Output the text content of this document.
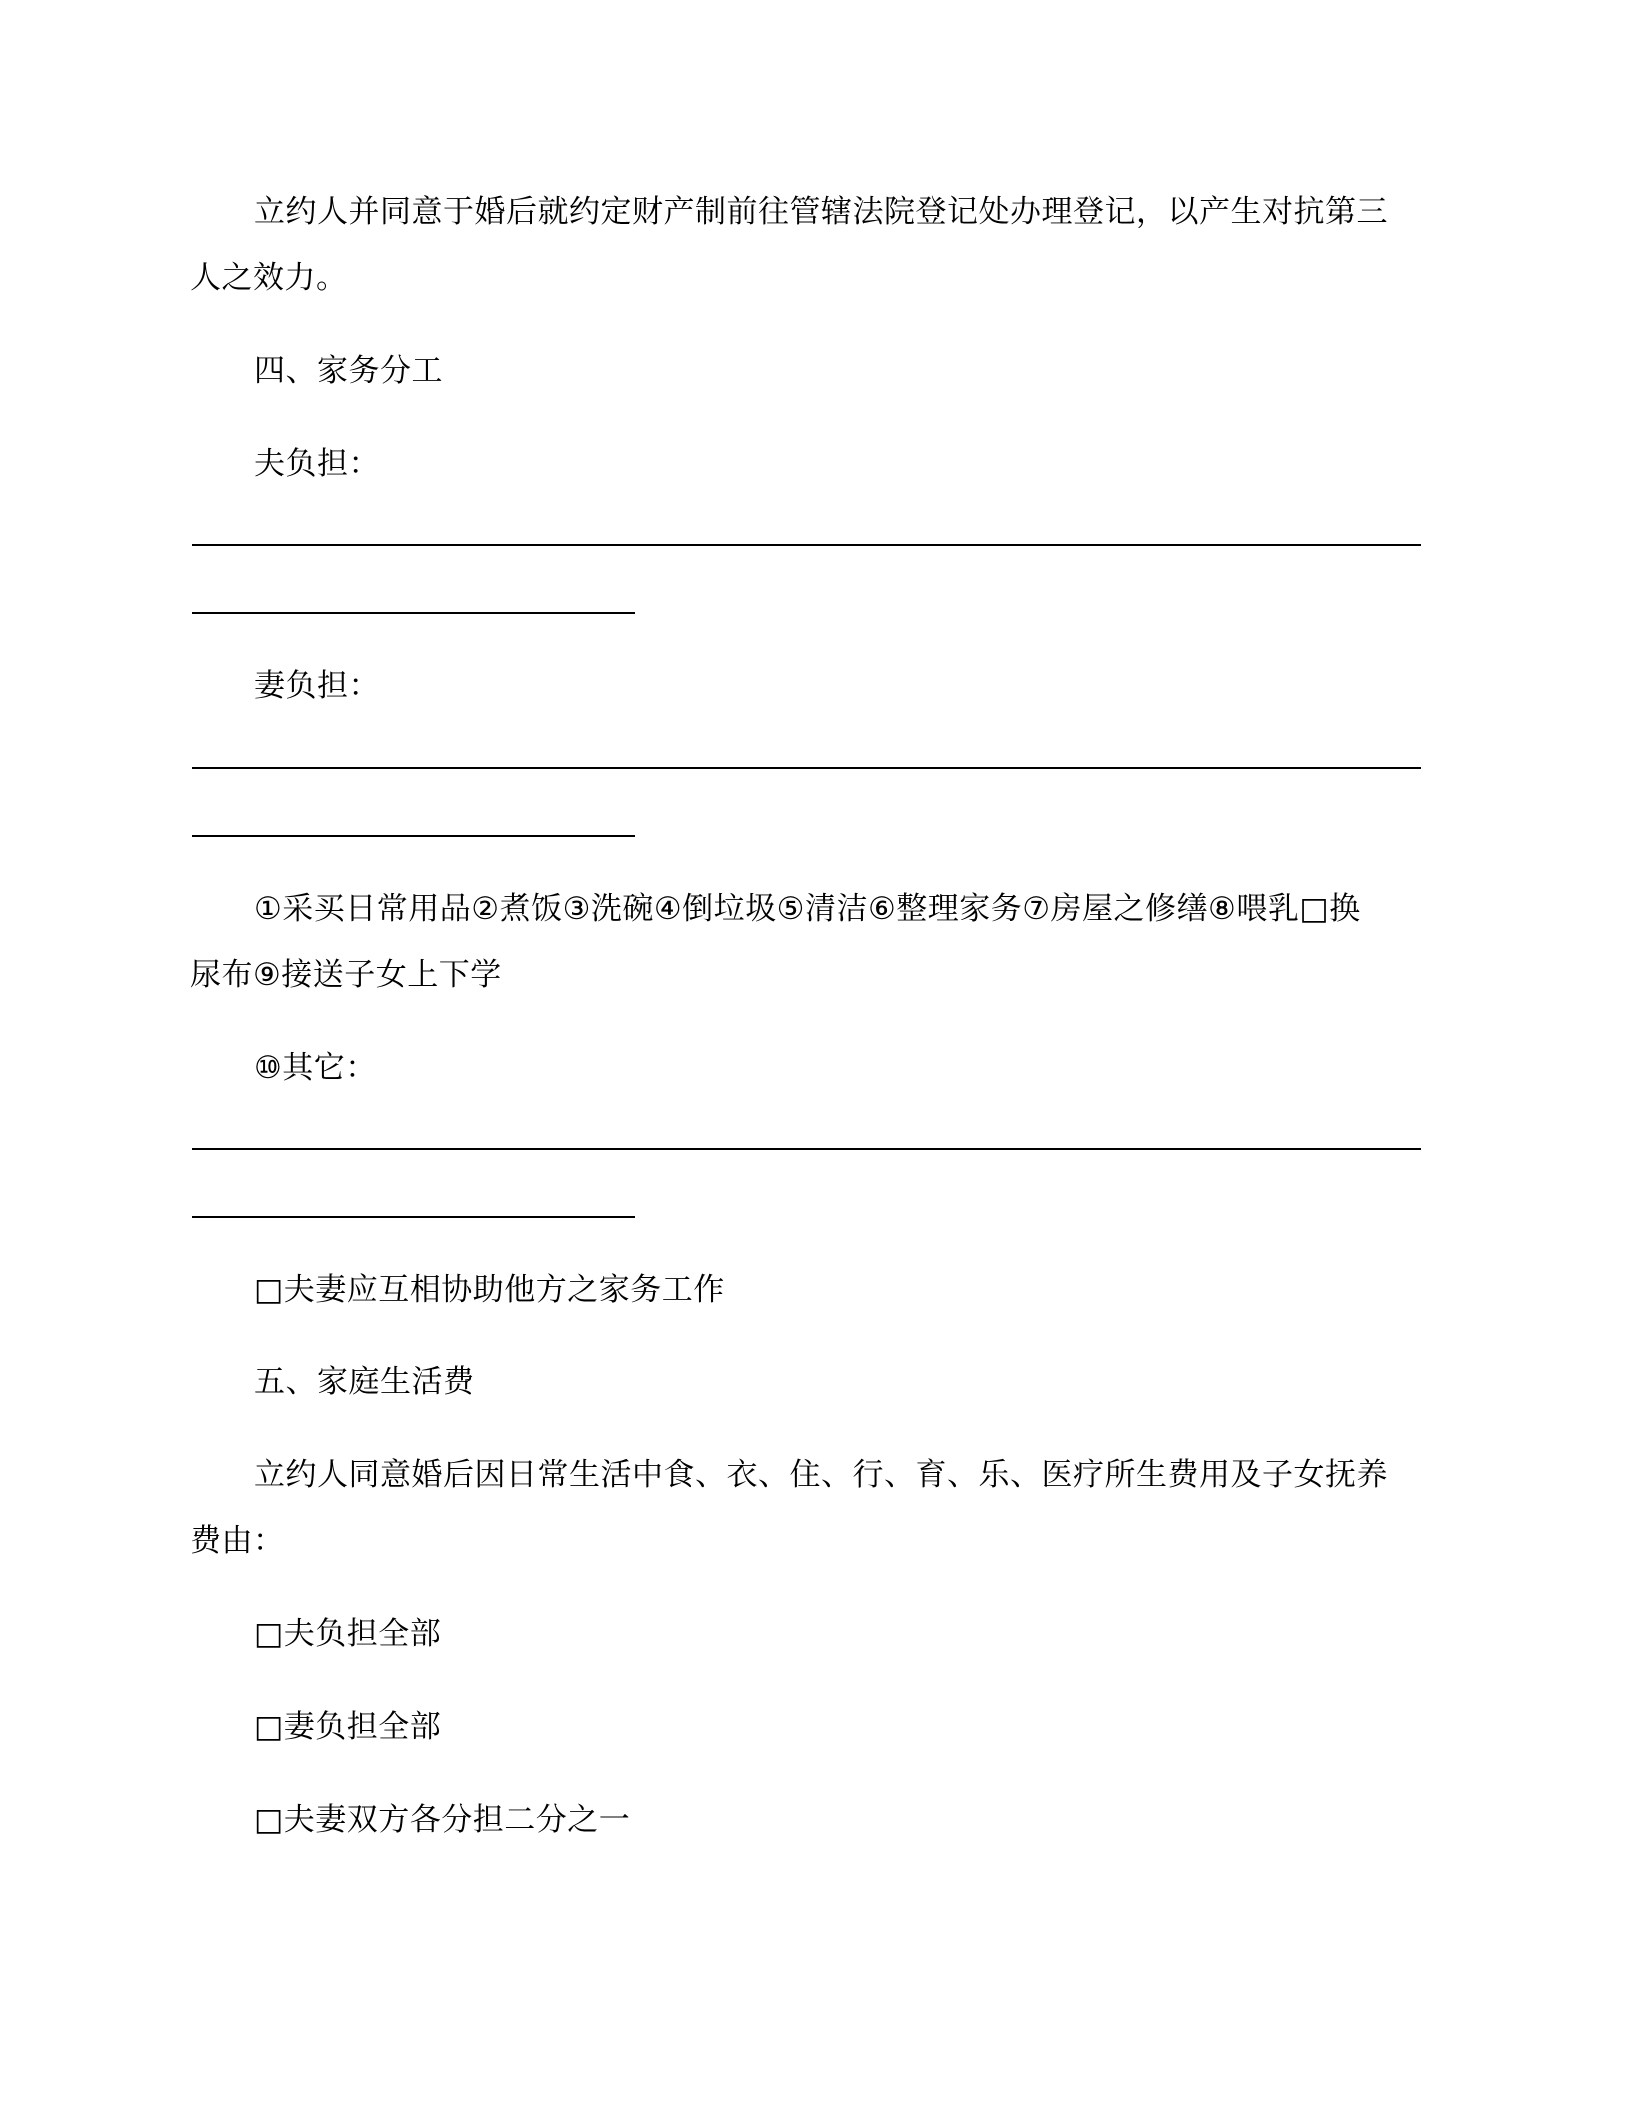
立约人并同意于婚后就约定财产制前往管辖法院登记处办理登记，以产生对抗第三
人之效力。
四、家务分工
夫负担：
妻负担：
①采买日常用品②煮饭③洗碗④倒垃圾⑤清洁⑥整理家务⑦房屋之修缮⑧喂乳□换
尿布⑨接送子女上下学
⑩其它：
□夫妻应互相协助他方之家务工作
五、家庭生活费
立约人同意婚后因日常生活中食、衣、住、行、育、乐、医疗所生费用及子女抚养
费由：
□夫负担全部
□妻负担全部
□夫妻双方各分担二分之一
